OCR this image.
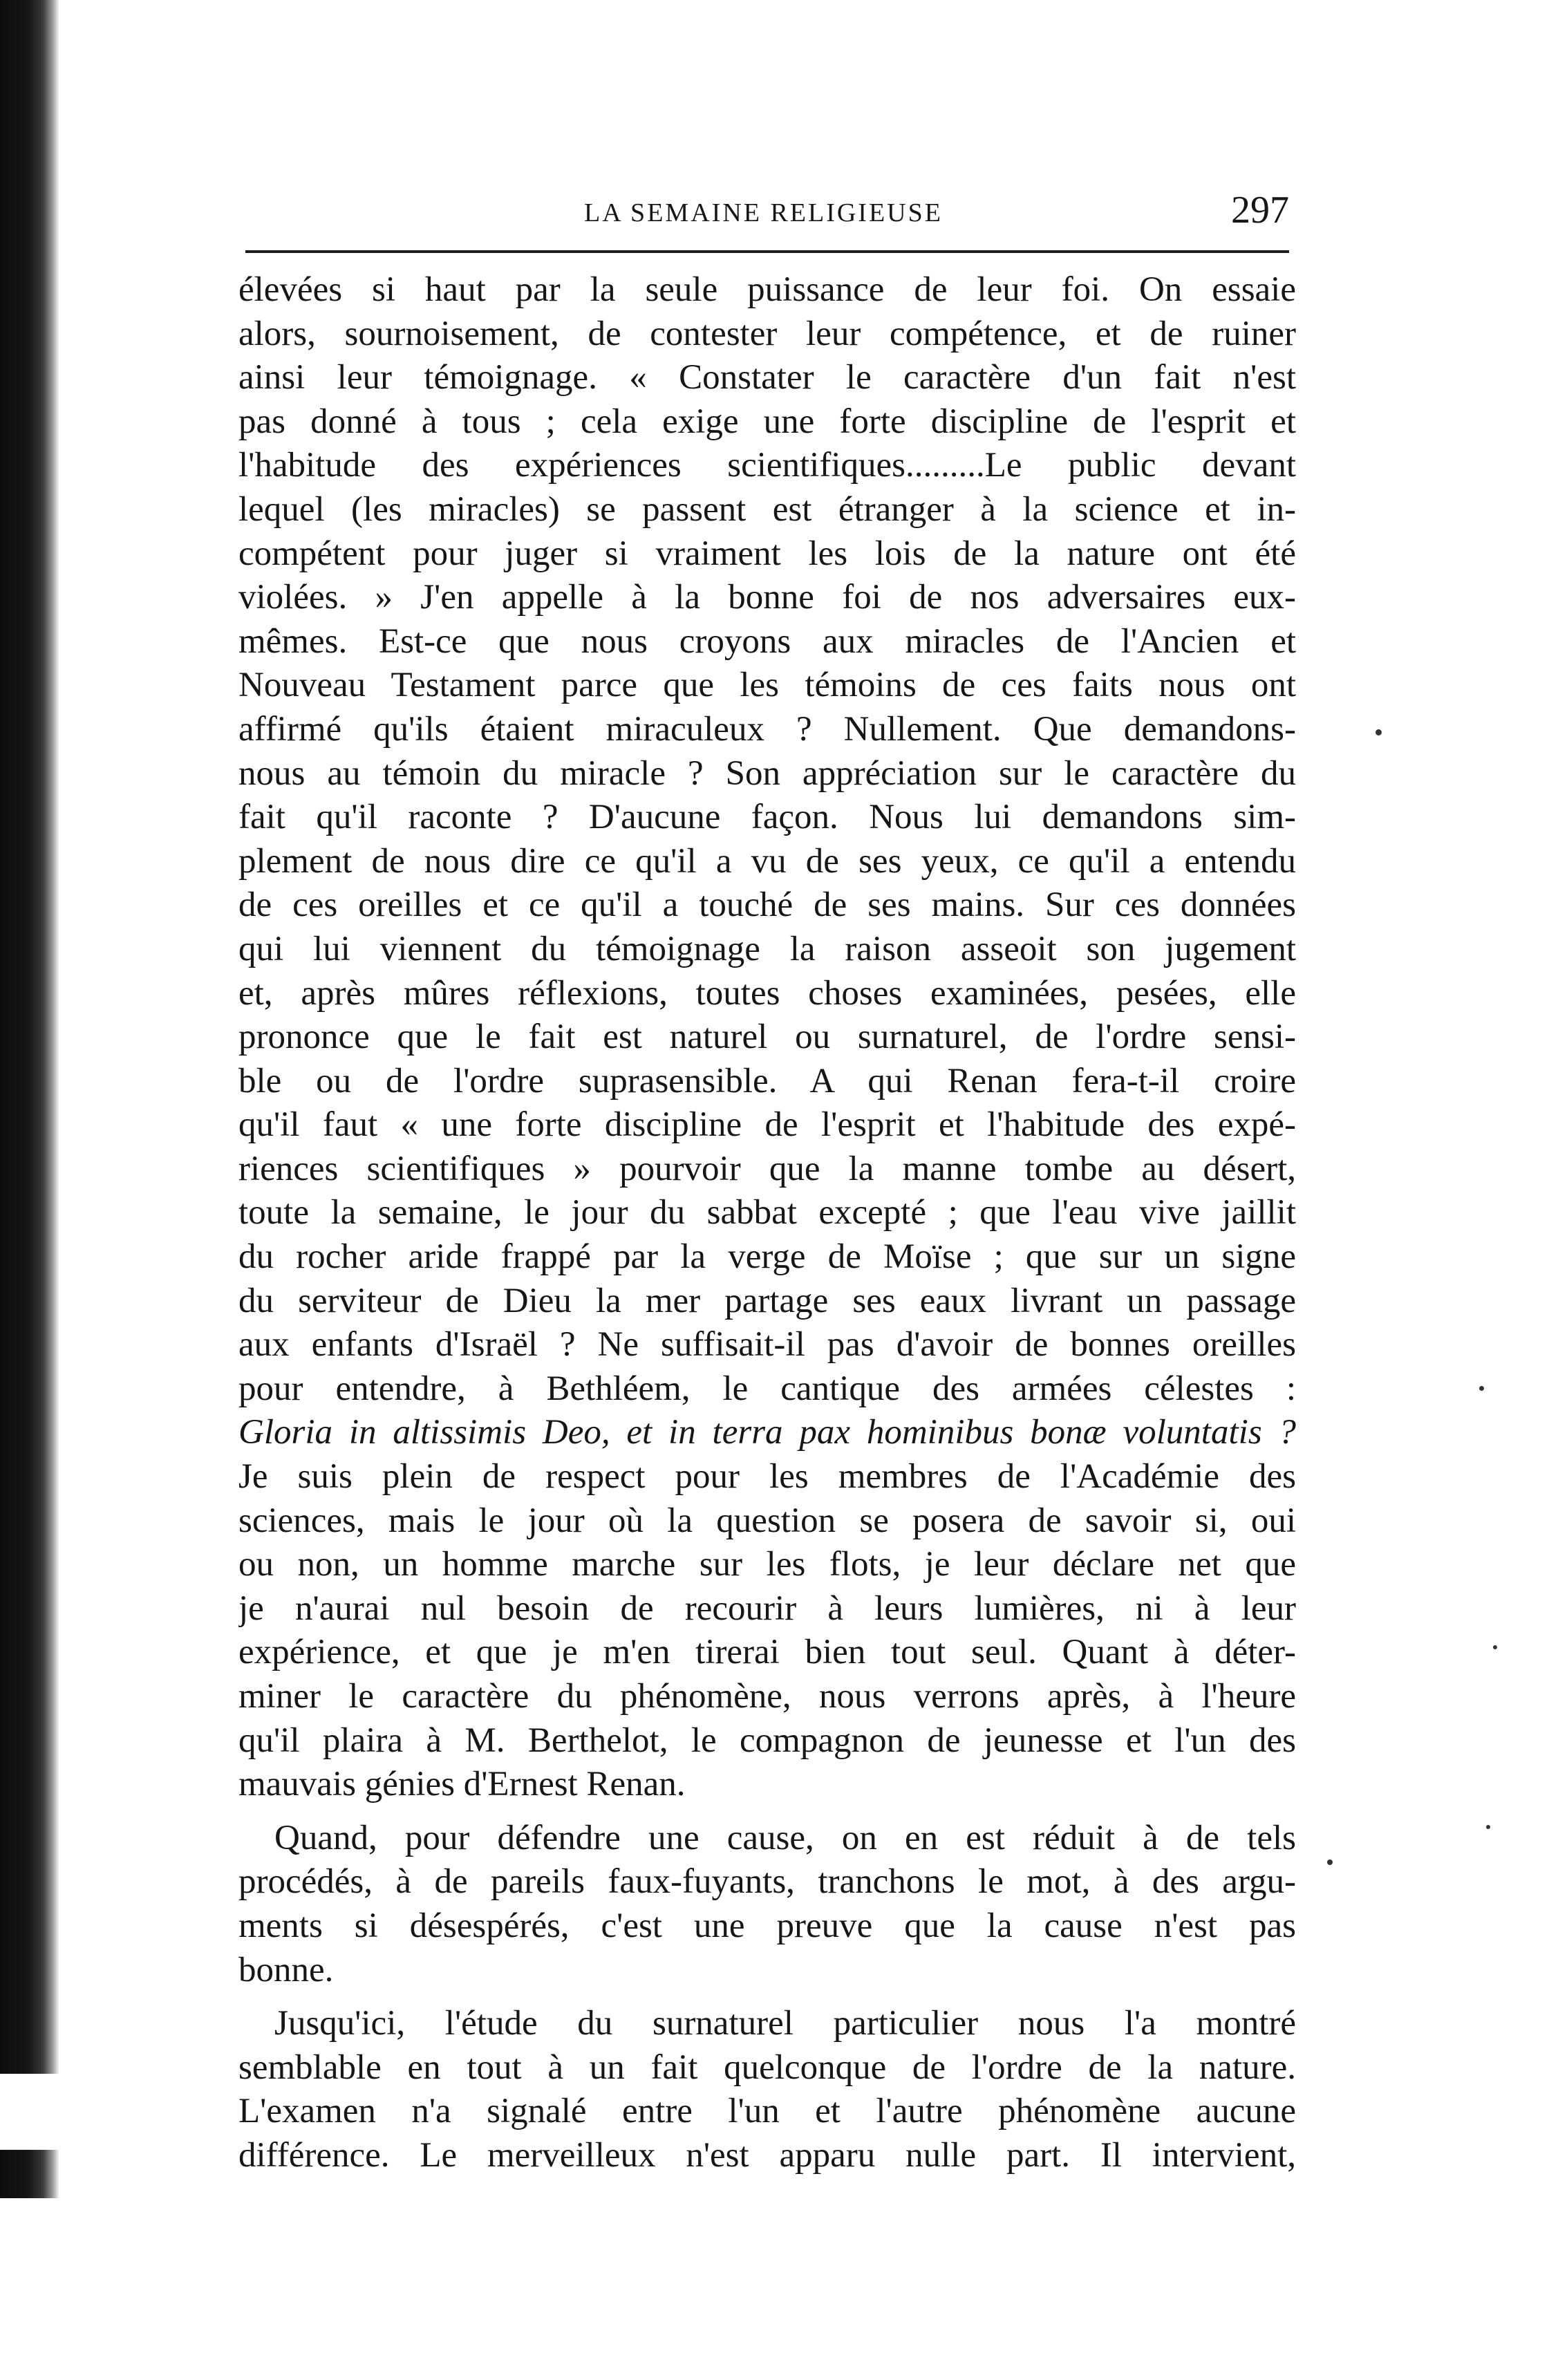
LA SEMAINE RELIGIEUSE	297
élevées si haut par la seule puissance de leur foi. On essaie
alors, sournoisement, de contester leur compétence, et de ruiner
ainsi leur témoignage. « Constater le caractère d'un fait n'est
pas donné à tous ; cela exige une forte discipline de l'esprit et
l'habitude des expériences scientifiques.........Le public devant
lequel (les miracles) se passent est étranger à la science et in-
compétent pour juger si vraiment les lois de la nature ont été
violées. » J'en appelle à la bonne foi de nos adversaires eux-
mêmes. Est-ce que nous croyons aux miracles de l'Ancien et
Nouveau Testament parce que les témoins de ces faits nous ont
affirmé qu'ils étaient miraculeux ? Nullement. Que demandons-
nous au témoin du miracle ? Son appréciation sur le caractère du
fait qu'il raconte ? D'aucune façon. Nous lui demandons sim-
plement de nous dire ce qu'il a vu de ses yeux, ce qu'il a entendu
de ces oreilles et ce qu'il a touché de ses mains. Sur ces données
qui lui viennent du témoignage la raison asseoit son jugement
et, après mûres réflexions, toutes choses examinées, pesées, elle
prononce que le fait est naturel ou surnaturel, de l'ordre sensi-
ble ou de l'ordre suprasensible. A qui Renan fera-t-il croire
qu'il faut « une forte discipline de l'esprit et l'habitude des expé-
riences scientifiques » pourvoir que la manne tombe au désert,
toute la semaine, le jour du sabbat excepté ; que l'eau vive jaillit
du rocher aride frappé par la verge de Moïse ; que sur un signe
du serviteur de Dieu la mer partage ses eaux livrant un passage
aux enfants d'Israël ? Ne suffisait-il pas d'avoir de bonnes oreilles
pour entendre, à Bethléem, le cantique des armées célestes :
Gloria in altissimis Deo, et in terra pax hominibus bonæ voluntatis ?
Je suis plein de respect pour les membres de l'Académie des
sciences, mais le jour où la question se posera de savoir si, oui
ou non, un homme marche sur les flots, je leur déclare net que
je n'aurai nul besoin de recourir à leurs lumières, ni à leur
expérience, et que je m'en tirerai bien tout seul. Quant à déter-
miner le caractère du phénomène, nous verrons après, à l'heure
qu'il plaira à M. Berthelot, le compagnon de jeunesse et l'un des
mauvais génies d'Ernest Renan.
Quand, pour défendre une cause, on en est réduit à de tels
procédés, à de pareils faux-fuyants, tranchons le mot, à des argu-
ments si désespérés, c'est une preuve que la cause n'est pas
bonne.
Jusqu'ici, l'étude du surnaturel particulier nous l'a montré
semblable en tout à un fait quelconque de l'ordre de la nature.
L'examen n'a signalé entre l'un et l'autre phénomène aucune
différence. Le merveilleux n'est apparu nulle part. Il intervient,
